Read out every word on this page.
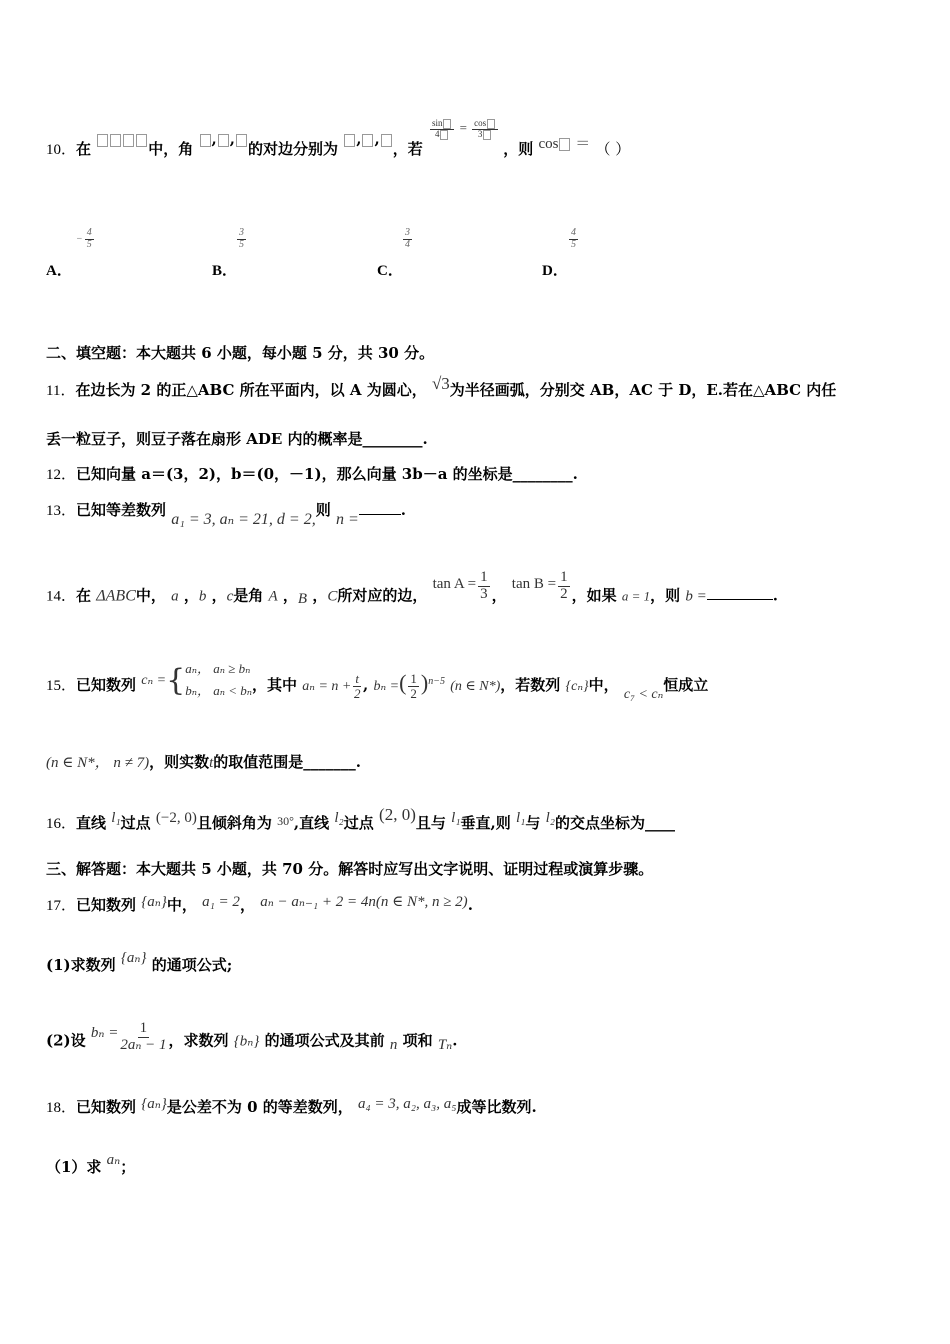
10．在	中，角 , ,的对边分别为 , ,，若
$^{\frac{\sin}{4} = \frac{\cos}{3}}$
，则 cos ＝ （ ）
− $\frac{4}{5}$
A．
$\frac{3}{5}$
B．
$\frac{3}{4}$
C．
$\frac{4}{5}$
D．
二、填空题：本大题共 6 小题，每小题 5 分，共 30 分。
11．在边长为 2 的正△ABC 所在平面内，以 A 为圆心， √3为半径画弧，分别交 AB，AC 于 D，E.若在△ABC 内任
丢一粒豆子，则豆子落在扇形 ADE 内的概率是________.
12．已知向量 a＝(3，2)，b＝(0，－1)，那么向量 3b－a 的坐标是________.
13．已知等差数列 a₁ = 3, aₙ = 21, d = 2,则 n =.
14．在 ΔABC中， a ，b ，c是角 A ，B ，C所对应的边， $\tan A = \frac{1}{3}$ ， $\tan B = \frac{1}{2}$ ，如果 a = 1，则 b =	.
15．已知数列 cₙ = { aₙ， aₙ ≥ bₙ
bₙ， aₙ < bₙ ，其中 $a_n = n + \frac{t}{2}$ , bₙ =( $\frac{1}{2} )^{n-5}$ (n ∈ N*)，若数列 {cₙ}中， c₇ < cₙ恒成立
(n ∈ N*， n ≠ 7)，则实数t的取值范围是_______.
16．直线 l₁过点 (−2, 0)且倾斜角为 $^{30^\circ}$,直线 l₂过点 (2, 0)且与 l₁垂直,则 l₁与 l₂的交点坐标为____
三、解答题：本大题共 5 小题，共 70 分。解答时应写出文字说明、证明过程或演算步骤。
17．已知数列 {aₙ}中， a₁ = 2， aₙ − aₙ₋₁ + 2 = 4n(n ∈ N*, n ≥ 2).
(1)求数列 {aₙ} 的通项公式;
(2)设 $b_n = \frac{1}{\text{2aₙ − 1}}$ ，求数列 {bₙ} 的通项公式及其前 n 项和 Tₙ.
18．已知数列 {aₙ}是公差不为 0 的等差数列， a₄ = 3, a₂, a₃, a₅成等比数列.
（1）求 aₙ；
